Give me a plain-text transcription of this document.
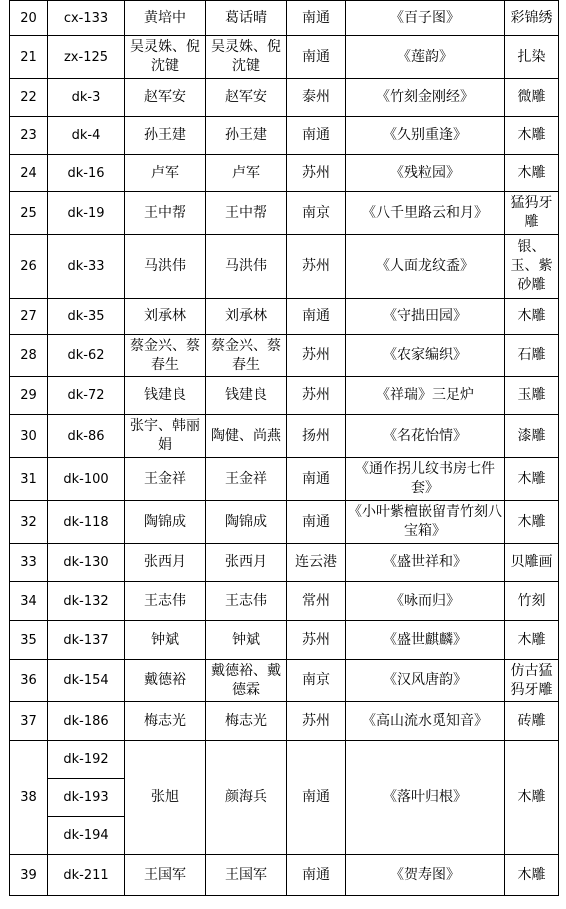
20	cx-133	黄培中	葛话晴	南通	《百子图》	彩锦绣
21	zx-125	吴灵姝、倪沈键	吴灵姝、倪沈键	南通	《莲韵》	扎染
22	dk-3	赵军安	赵军安	泰州	《竹刻金刚经》	微雕
23	dk-4	孙王建	孙王建	南通	《久别重逢》	木雕
24	dk-16	卢军	卢军	苏州	《残粒园》	木雕
25	dk-19	王中帮	王中帮	南京	《八千里路云和月》	猛犸牙雕
26	dk-33	马洪伟	马洪伟	苏州	《人面龙纹盉》	银、玉、紫砂雕
27	dk-35	刘承林	刘承林	南通	《守拙田园》	木雕
28	dk-62	蔡金兴、蔡春生	蔡金兴、蔡春生	苏州	《农家编织》	石雕
29	dk-72	钱建良	钱建良	苏州	《祥瑞》三足炉	玉雕
30	dk-86	张宇、韩丽娟	陶健、尚燕	扬州	《名花怡情》	漆雕
31	dk-100	王金祥	王金祥	南通	《通作拐儿纹书房七件套》	木雕
32	dk-118	陶锦成	陶锦成	南通	《小叶紫檀嵌留青竹刻八宝箱》	木雕
33	dk-130	张西月	张西月	连云港	《盛世祥和》	贝雕画
34	dk-132	王志伟	王志伟	常州	《咏而归》	竹刻
35	dk-137	钟斌	钟斌	苏州	《盛世麒麟》	木雕
36	dk-154	戴德裕	戴德裕、戴德霖	南京	《汉风唐韵》	仿古猛犸牙雕
37	dk-186	梅志光	梅志光	苏州	《高山流水觅知音》	砖雕
38	dk-192	张旭	颜海兵	南通	《落叶归根》	木雕
	dk-193					
	dk-194					
39	dk-211	王国军	王国军	南通	《贺寿图》	木雕
